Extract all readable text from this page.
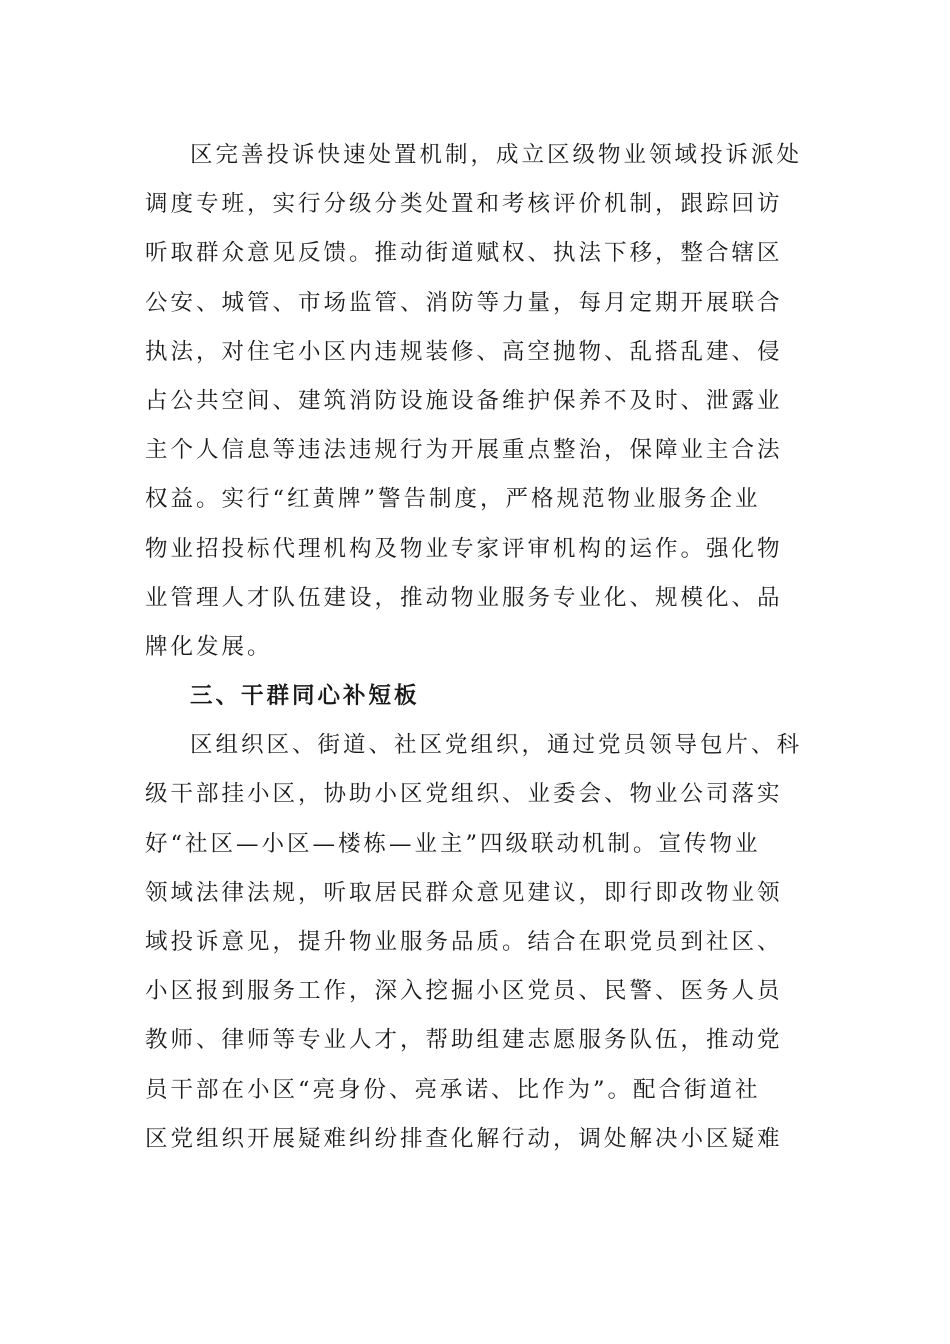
区完善投诉快速处置机制，成立区级物业领域投诉派处
调度专班，实行分级分类处置和考核评价机制，跟踪回访
听取群众意见反馈。推动街道赋权、执法下移，整合辖区
公安、城管、市场监管、消防等力量，每月定期开展联合
执法，对住宅小区内违规装修、高空抛物、乱搭乱建、侵
占公共空间、建筑消防设施设备维护保养不及时、泄露业
主个人信息等违法违规行为开展重点整治，保障业主合法
权益。实行“红黄牌”警告制度，严格规范物业服务企业
物业招投标代理机构及物业专家评审机构的运作。强化物
业管理人才队伍建设，推动物业服务专业化、规模化、品
牌化发展。
三、干群同心补短板
区组织区、街道、社区党组织，通过党员领导包片、科
级干部挂小区，协助小区党组织、业委会、物业公司落实
好“社区—小区—楼栋—业主”四级联动机制。宣传物业
领域法律法规，听取居民群众意见建议，即行即改物业领
域投诉意见，提升物业服务品质。结合在职党员到社区、
小区报到服务工作，深入挖掘小区党员、民警、医务人员
教师、律师等专业人才，帮助组建志愿服务队伍，推动党
员干部在小区“亮身份、亮承诺、比作为”。配合街道社
区党组织开展疑难纠纷排查化解行动，调处解决小区疑难
